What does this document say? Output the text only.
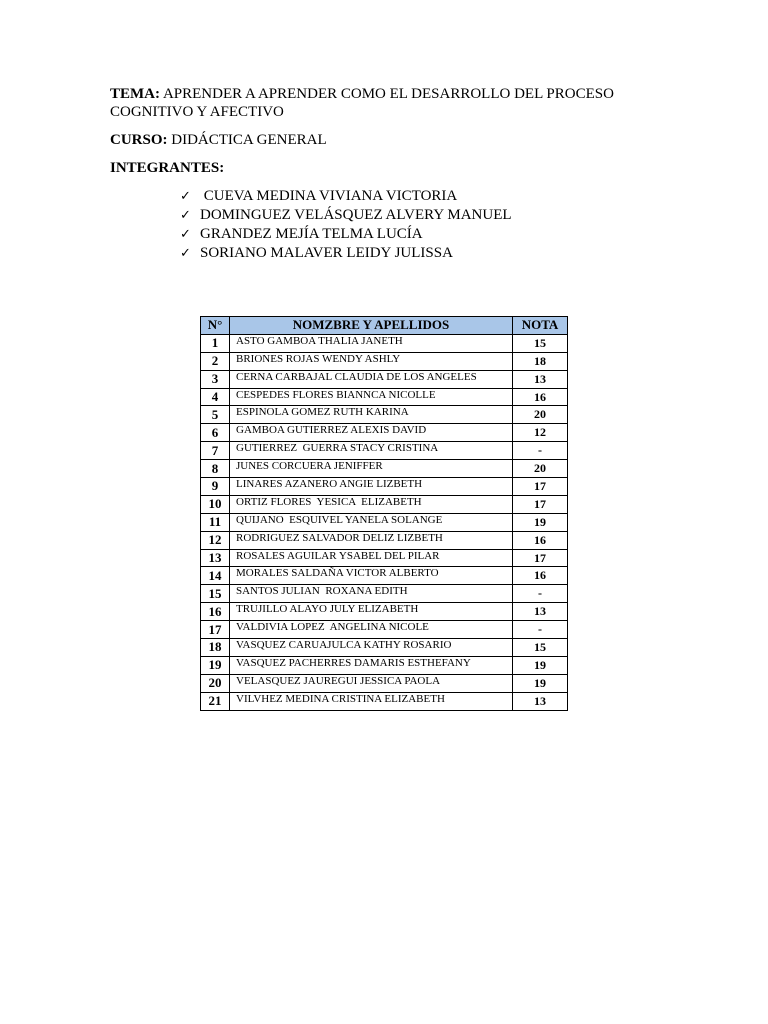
TEMA: APRENDER A APRENDER COMO EL DESARROLLO DEL PROCESO COGNITIVO Y AFECTIVO
CURSO: DIDÁCTICA GENERAL
INTEGRANTES:
✓ CUEVA MEDINA VIVIANA VICTORIA
✓ DOMINGUEZ VELÁSQUEZ ALVERY MANUEL
✓ GRANDEZ MEJÍA TELMA LUCÍA
✓ SORIANO MALAVER LEIDY JULISSA
N°	NOMZBRE Y APELLIDOS	NOTA
1	ASTO GAMBOA THALIA JANETH	15
2	BRIONES ROJAS WENDY ASHLY	18
3	CERNA CARBAJAL CLAUDIA DE LOS ANGELES	13
4	CESPEDES FLORES BIANNCA NICOLLE	16
5	ESPINOLA GOMEZ RUTH KARINA	20
6	GAMBOA GUTIERREZ ALEXIS DAVID	12
7	GUTIERREZ  GUERRA STACY CRISTINA	-
8	JUNES CORCUERA JENIFFER	20
9	LINARES AZANERO ANGIE LIZBETH	17
10	ORTIZ FLORES  YESICA  ELIZABETH	17
11	QUIJANO  ESQUIVEL YANELA SOLANGE	19
12	RODRIGUEZ SALVADOR DELIZ LIZBETH	16
13	ROSALES AGUILAR YSABEL DEL PILAR	17
14	MORALES SALDAÑA VICTOR ALBERTO	16
15	SANTOS JULIAN  ROXANA EDITH	-
16	TRUJILLO ALAYO JULY ELIZABETH	13
17	VALDIVIA LOPEZ  ANGELINA NICOLE	-
18	VASQUEZ CARUAJULCA KATHY ROSARIO	15
19	VASQUEZ PACHERRES DAMARIS ESTHEFANY	19
20	VELASQUEZ JAUREGUI JESSICA PAOLA	19
21	VILVHEZ MEDINA CRISTINA ELIZABETH	13
